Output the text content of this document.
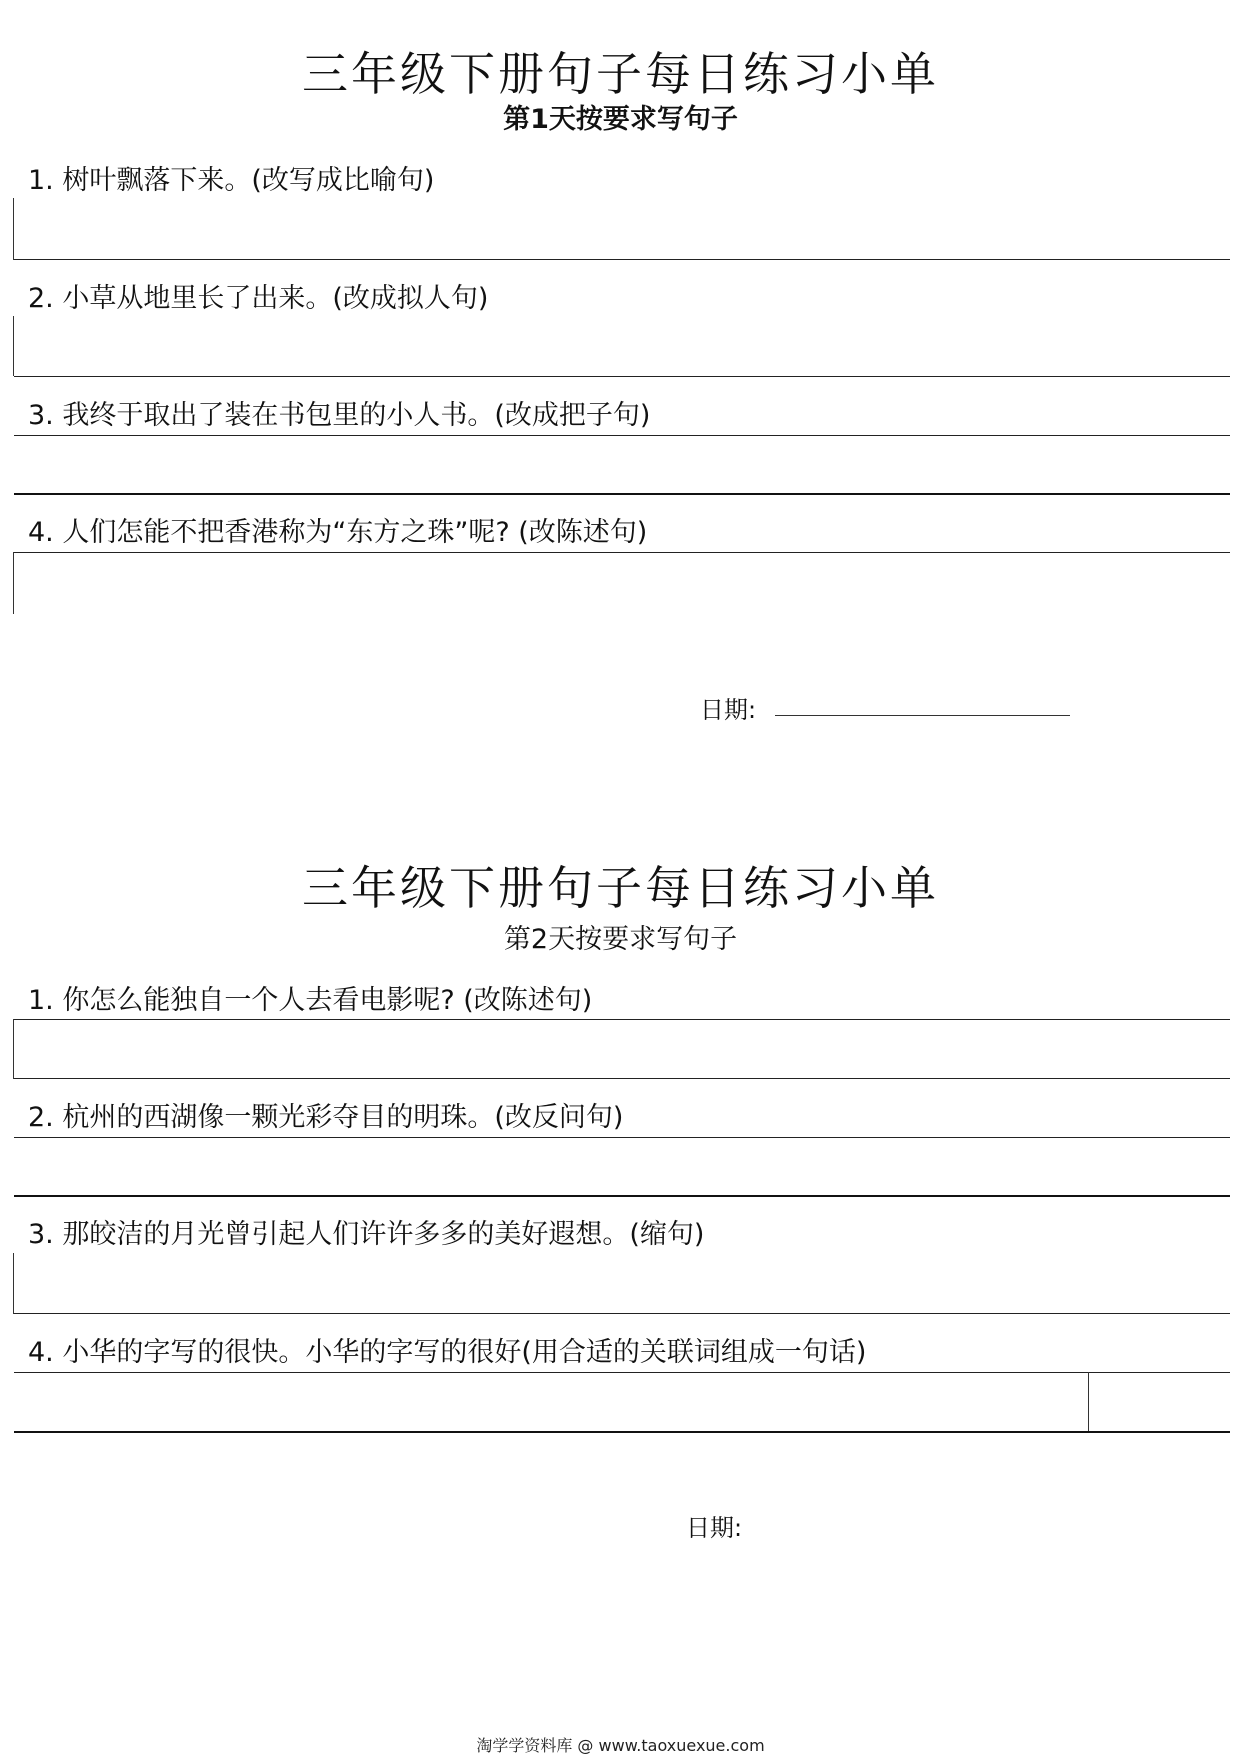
三年级下册句子每日练习小单
第1天按要求写句子
1. 树叶飘落下来。(改写成比喻句)
2. 小草从地里长了出来。(改成拟人句)
3. 我终于取出了装在书包里的小人书。(改成把子句)
4. 人们怎能不把香港称为“东方之珠”呢? (改陈述句)
日期:
三年级下册句子每日练习小单
第2天按要求写句子
1. 你怎么能独自一个人去看电影呢? (改陈述句)
2. 杭州的西湖像一颗光彩夺目的明珠。(改反问句)
3. 那皎洁的月光曾引起人们许许多多的美好遐想。(缩句)
4. 小华的字写的很快。小华的字写的很好(用合适的关联词组成一句话)
日期:
淘学学资料库 @ www.taoxuexue.com
